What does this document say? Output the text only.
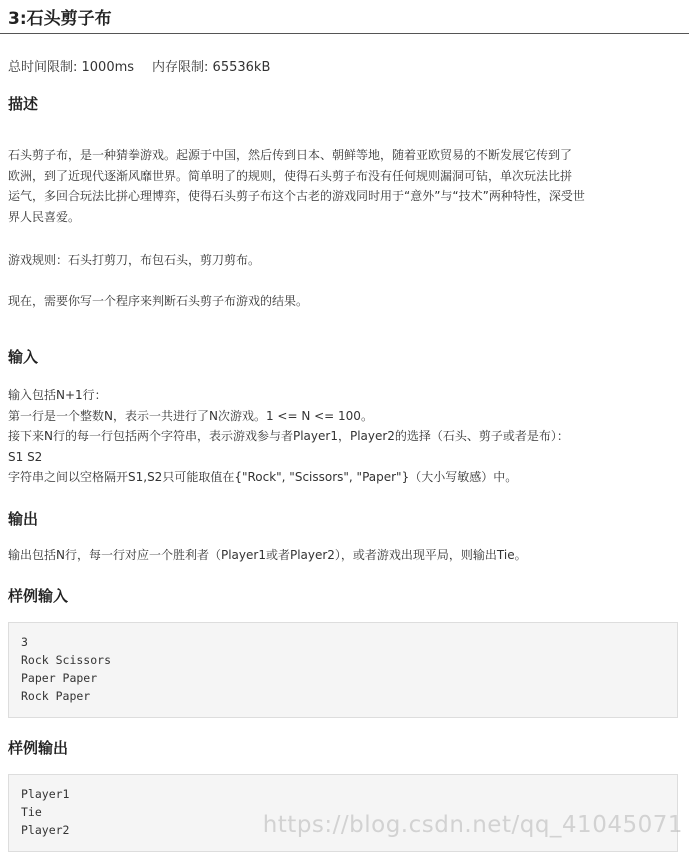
3:石头剪子布
总时间限制: 1000ms 内存限制: 65536kB
描述
石头剪子布，是一种猜拳游戏。起源于中国，然后传到日本、朝鲜等地，随着亚欧贸易的不断发展它传到了
欧洲，到了近现代逐渐风靡世界。简单明了的规则，使得石头剪子布没有任何规则漏洞可钻，单次玩法比拼
运气，多回合玩法比拼心理博弈，使得石头剪子布这个古老的游戏同时用于“意外”与“技术”两种特性，深受世
界人民喜爱。
游戏规则：石头打剪刀，布包石头，剪刀剪布。
现在，需要你写一个程序来判断石头剪子布游戏的结果。
输入
输入包括N+1行：
第一行是一个整数N，表示一共进行了N次游戏。1 <= N <= 100。
接下来N行的每一行包括两个字符串，表示游戏参与者Player1，Player2的选择（石头、剪子或者是布）：
S1 S2
字符串之间以空格隔开S1,S2只可能取值在{"Rock", "Scissors", "Paper"}（大小写敏感）中。
输出
输出包括N行，每一行对应一个胜利者（Player1或者Player2），或者游戏出现平局，则输出Tie。
样例输入
3
Rock Scissors
Paper Paper
Rock Paper
样例输出
Player1
Tie
Player2	https://blog.csdn.net/qq_41045071
